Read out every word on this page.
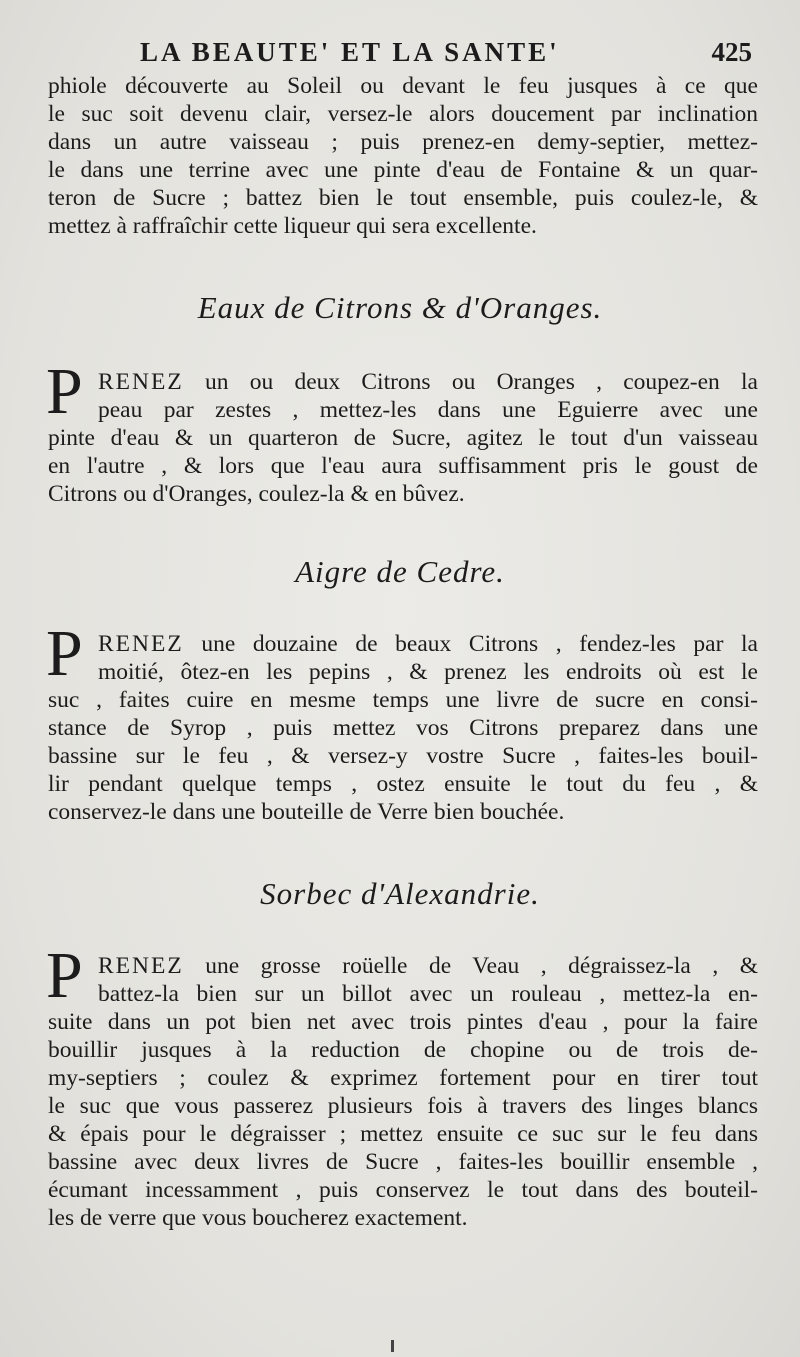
LA BEAUTE' ET LA SANTE'	425
phiole découverte au Soleil ou devant le feu jusques à ce que
le suc soit devenu clair, versez-le alors doucement par inclination
dans un autre vaisseau ; puis prenez-en demy-septier, mettez-
le dans une terrine avec une pinte d'eau de Fontaine & un quar-
teron de Sucre ; battez bien le tout ensemble, puis coulez-le, &
mettez à raffraîchir cette liqueur qui sera excellente.
Eaux de Citrons & d'Oranges.
P RENEZ un ou deux Citrons ou Oranges , coupez-en la
peau par zestes , mettez-les dans une Eguierre avec une
pinte d'eau & un quarteron de Sucre, agitez le tout d'un vaisseau
en l'autre , & lors que l'eau aura suffisamment pris le goust de
Citrons ou d'Oranges, coulez-la & en bûvez.
Aigre de Cedre.
P RENEZ une douzaine de beaux Citrons , fendez-les par la
moitié, ôtez-en les pepins , & prenez les endroits où est le
suc , faites cuire en mesme temps une livre de sucre en consi-
stance de Syrop , puis mettez vos Citrons preparez dans une
bassine sur le feu , & versez-y vostre Sucre , faites-les bouil-
lir pendant quelque temps , ostez ensuite le tout du feu , &
conservez-le dans une bouteille de Verre bien bouchée.
Sorbec d'Alexandrie.
P RENEZ une grosse roüelle de Veau , dégraissez-la , &
battez-la bien sur un billot avec un rouleau , mettez-la en-
suite dans un pot bien net avec trois pintes d'eau , pour la faire
bouillir jusques à la reduction de chopine ou de trois de-
my-septiers ; coulez & exprimez fortement pour en tirer tout
le suc que vous passerez plusieurs fois à travers des linges blancs
& épais pour le dégraisser ; mettez ensuite ce suc sur le feu dans
bassine avec deux livres de Sucre , faites-les bouillir ensemble ,
écumant incessamment , puis conservez le tout dans des bouteil-
les de verre que vous boucherez exactement.
